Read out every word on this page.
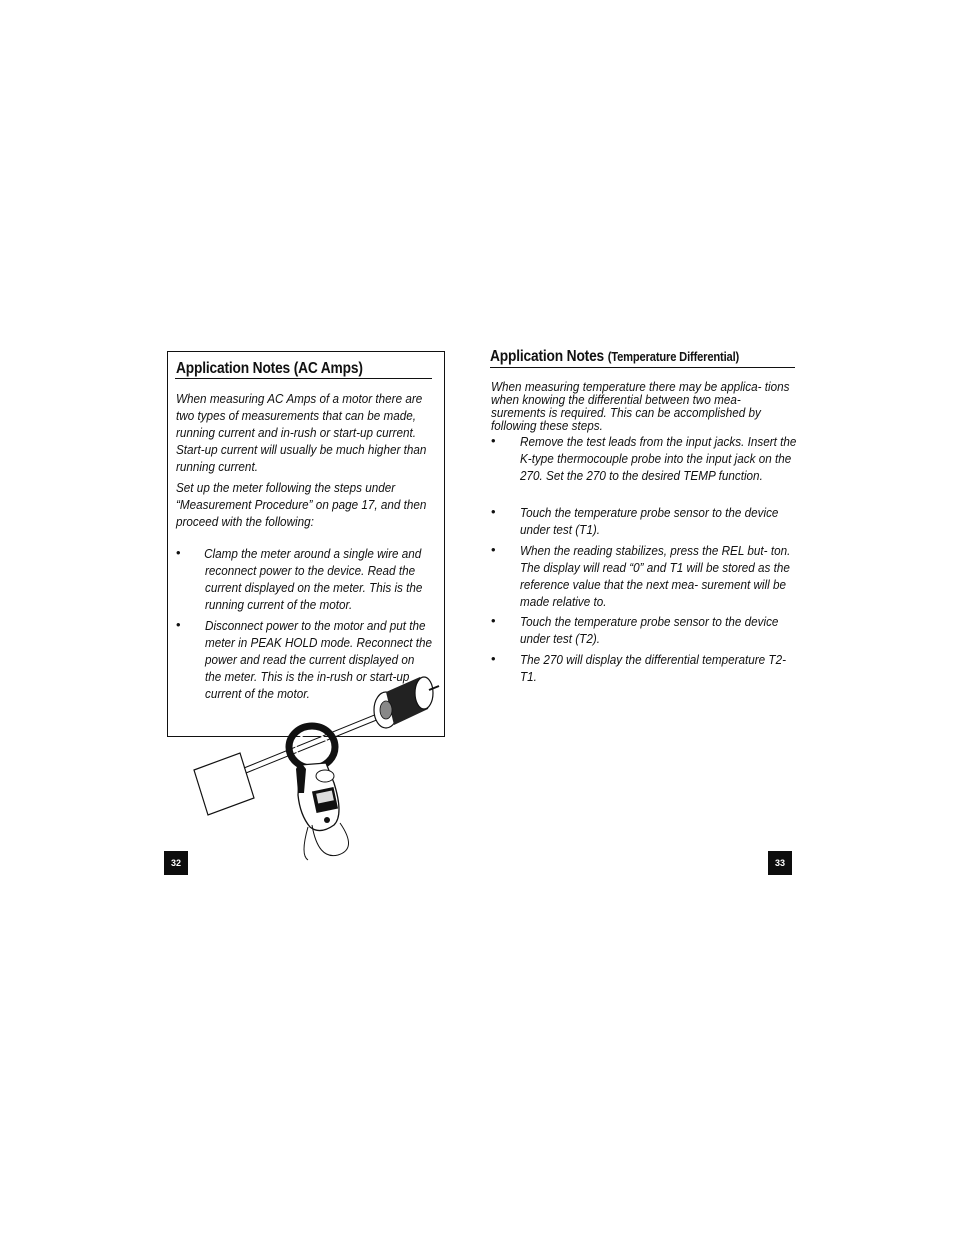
Application Notes (AC Amps)

When measuring AC Amps of a motor there are two types of measurements that can be made, running current and in-rush or start-up current. Start-up current will usually be much higher than running current.

Set up the meter following the steps under “Measurement Procedure” on page 17, and then proceed with the following:

• Clamp the meter around a single wire and reconnect power to the device. Read the current displayed on the meter. This is the running current of the motor.

• Disconnect power to the motor and put the meter in PEAK HOLD mode. Reconnect the power and read the current displayed on the meter. This is the in-rush or start-up current of the motor.

32
Application Notes (Temperature Differential)

When measuring temperature there may be applica- tions when knowing the differential between two mea- surements is required. This can be accomplished by following these steps.

• Remove the test leads from the input jacks. Insert the K-type thermocouple probe into the input jack on the 270. Set the 270 to the desired TEMP function.

• Touch the temperature probe sensor to the device under test (T1).

• When the reading stabilizes, press the REL but- ton. The display will read “0” and T1 will be stored as the reference value that the next mea- surement will be made relative to.

• Touch the temperature probe sensor to the device under test (T2).

• The 270 will display the differential temperature T2-T1.

33
